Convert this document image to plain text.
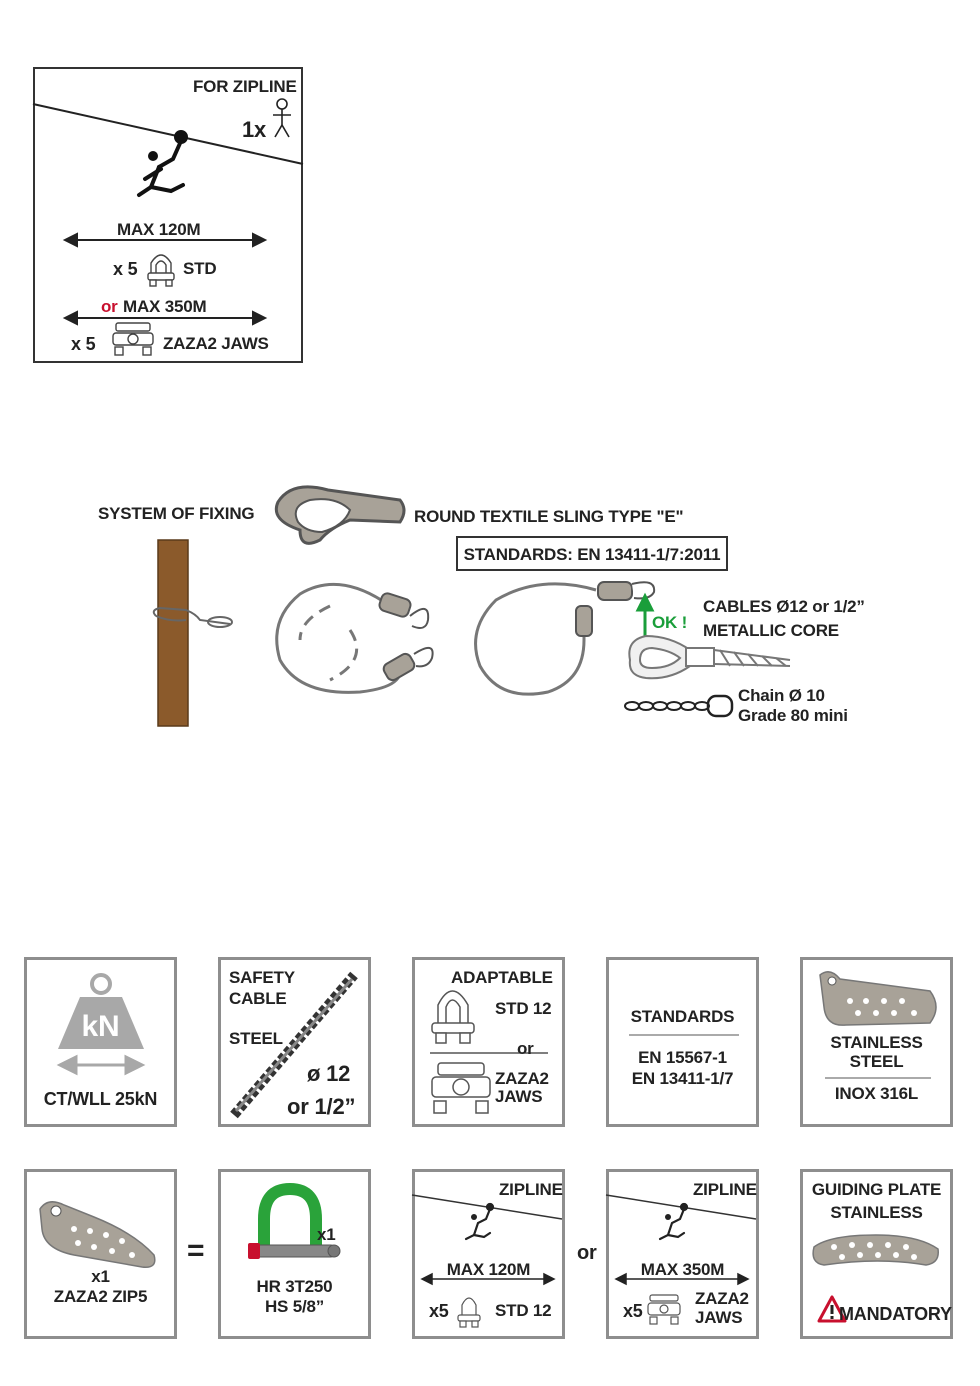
FOR ZIPLINE
1x
MAX 120M
x 5	STD
or MAX 350M
x 5	ZAZA2 JAWS
SYSTEM OF FIXING	ROUND TEXTILE SLING TYPE "E"
STANDARDS: EN 13411-1/7:2011
OK !
CABLES Ø12 or 1/2”
METALLIC CORE
Chain Ø 10
Grade 80 mini
kN
CT/WLL 25kN
SAFETY
CABLE
STEEL
ø 12
or 1/2”
ADAPTABLE
STD 12
or
ZAZA2
JAWS
STANDARDS
EN 15567-1
EN 13411-1/7
STAINLESS
STEEL
INOX 316L
x1
ZAZA2 ZIP5
=	x1
HR 3T250
HS 5/8”
ZIPLINE
MAX 120M
x5	STD 12
or
ZIPLINE
MAX 350M
x5
ZAZA2
JAWS
GUIDING PLATE
STAINLESS
MANDATORY
